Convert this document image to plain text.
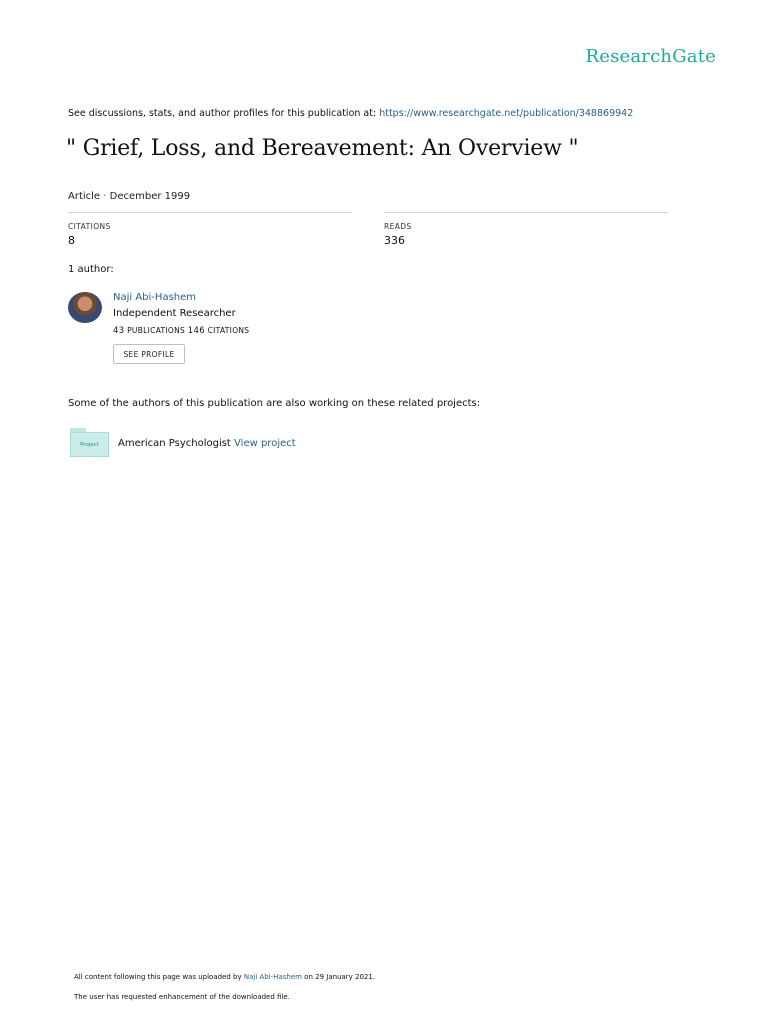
ResearchGate
See discussions, stats, and author profiles for this publication at: https://www.researchgate.net/publication/348869942
" Grief, Loss, and Bereavement: An Overview "
Article · December 1999
CITATIONS
8
READS
336
1 author:
Naji Abi-Hashem
Independent Researcher
43 PUBLICATIONS 146 CITATIONS
SEE PROFILE
Some of the authors of this publication are also working on these related projects:
Project	American Psychologist View project
All content following this page was uploaded by Naji Abi-Hashem on 29 January 2021.
The user has requested enhancement of the downloaded file.
